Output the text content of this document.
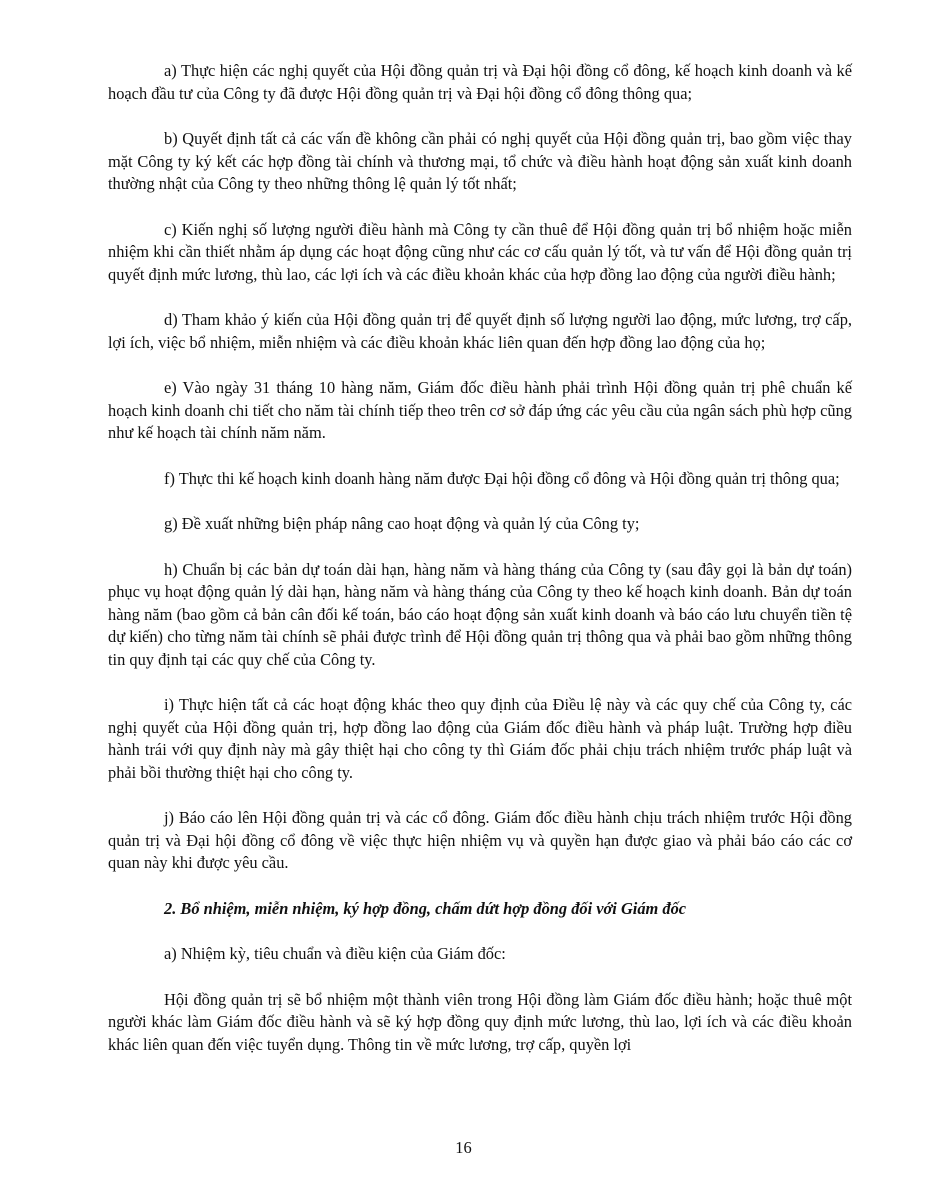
a) Thực hiện các nghị quyết của Hội đồng quản trị và Đại hội đồng cổ đông, kế hoạch kinh doanh và kế hoạch đầu tư của Công ty đã được Hội đồng quản trị và Đại hội đồng cổ đông thông qua;

b) Quyết định tất cả các vấn đề không cần phải có nghị quyết của Hội đồng quản trị, bao gồm việc thay mặt Công ty ký kết các hợp đồng tài chính và thương mại, tổ chức và điều hành hoạt động sản xuất kinh doanh thường nhật của Công ty theo những thông lệ quản lý tốt nhất;

c) Kiến nghị số lượng người điều hành mà Công ty cần thuê để Hội đồng quản trị bổ nhiệm hoặc miễn nhiệm khi cần thiết nhằm áp dụng các hoạt động cũng như các cơ cấu quản lý tốt, và tư vấn để Hội đồng quản trị quyết định mức lương, thù lao, các lợi ích và các điều khoản khác của hợp đồng lao động của người điều hành;

d) Tham khảo ý kiến của Hội đồng quản trị để quyết định số lượng người lao động, mức lương, trợ cấp, lợi ích, việc bổ nhiệm, miễn nhiệm và các điều khoản khác liên quan đến hợp đồng lao động của họ;

e) Vào ngày 31 tháng 10 hàng năm, Giám đốc điều hành phải trình Hội đồng quản trị phê chuẩn kế hoạch kinh doanh chi tiết cho năm tài chính tiếp theo trên cơ sở đáp ứng các yêu cầu của ngân sách phù hợp cũng như kế hoạch tài chính năm năm.

f) Thực thi kế hoạch kinh doanh hàng năm được Đại hội đồng cổ đông và Hội đồng quản trị thông qua;

g) Đề xuất những biện pháp nâng cao hoạt động và quản lý của Công ty;

h) Chuẩn bị các bản dự toán dài hạn, hàng năm và hàng tháng của Công ty (sau đây gọi là bản dự toán) phục vụ hoạt động quản lý dài hạn, hàng năm và hàng tháng của Công ty theo kế hoạch kinh doanh. Bản dự toán hàng năm (bao gồm cả bản cân đối kế toán, báo cáo hoạt động sản xuất kinh doanh và báo cáo lưu chuyển tiền tệ dự kiến) cho từng năm tài chính sẽ phải được trình để Hội đồng quản trị thông qua và phải bao gồm những thông tin quy định tại các quy chế của Công ty.

i) Thực hiện tất cả các hoạt động khác theo quy định của Điều lệ này và các quy chế của Công ty, các nghị quyết của Hội đồng quản trị, hợp đồng lao động của Giám đốc điều hành và pháp luật. Trường hợp điều hành trái với quy định này mà gây thiệt hại cho công ty thì Giám đốc phải chịu trách nhiệm trước pháp luật và phải bồi thường thiệt hại cho công ty.

j) Báo cáo lên Hội đồng quản trị và các cổ đông. Giám đốc điều hành chịu trách nhiệm trước Hội đồng quản trị và Đại hội đồng cổ đông về việc thực hiện nhiệm vụ và quyền hạn được giao và phải báo cáo các cơ quan này khi được yêu cầu.

2. Bổ nhiệm, miễn nhiệm, ký hợp đồng, chấm dứt hợp đồng đối với Giám đốc

a) Nhiệm kỳ, tiêu chuẩn và điều kiện của Giám đốc:

Hội đồng quản trị sẽ bổ nhiệm một thành viên trong Hội đồng làm Giám đốc điều hành; hoặc thuê một người khác làm Giám đốc điều hành và sẽ ký hợp đồng quy định mức lương, thù lao, lợi ích và các điều khoản khác liên quan đến việc tuyển dụng. Thông tin về mức lương, trợ cấp, quyền lợi

16
